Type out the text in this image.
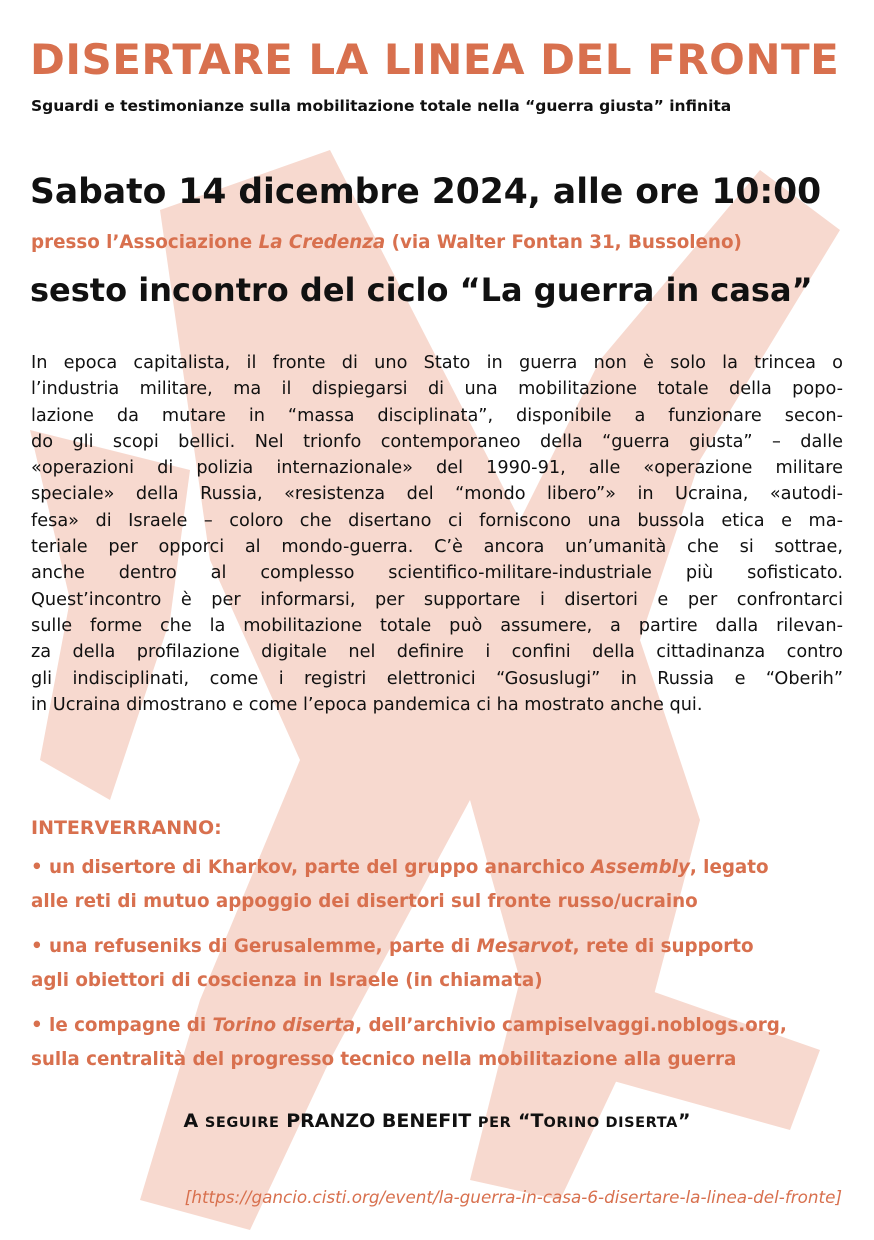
DISERTARE LA LINEA DEL FRONTE

Sguardi e testimonianze sulla mobilitazione totale nella “guerra giusta” infinita

Sabato 14 dicembre 2024, alle ore 10:00

presso l’Associazione La Credenza (via Walter Fontan 31, Bussoleno)

sesto incontro del ciclo “La guerra in casa”

In epoca capitalista, il fronte di uno Stato in guerra non è solo la trincea o
l’industria militare, ma il dispiegarsi di una mobilitazione totale della popo-
lazione da mutare in “massa disciplinata”, disponibile a funzionare secon-
do gli scopi bellici. Nel trionfo contemporaneo della “guerra giusta” – dalle
«operazioni di polizia internazionale» del 1990-91, alle «operazione militare
speciale» della Russia, «resistenza del “mondo libero”» in Ucraina, «autodi-
fesa» di Israele – coloro che disertano ci forniscono una bussola etica e ma-
teriale per opporci al mondo-guerra. C’è ancora un’umanità che si sottrae,
anche dentro al complesso scientifico-militare-industriale più sofisticato.
Quest’incontro è per informarsi, per supportare i disertori e per confrontarci
sulle forme che la mobilitazione totale può assumere, a partire dalla rilevan-
za della profilazione digitale nel definire i confini della cittadinanza contro
gli indisciplinati, come i registri elettronici “Gosuslugi” in Russia e “Oberih”
in Ucraina dimostrano e come l’epoca pandemica ci ha mostrato anche qui.

INTERVERRANNO:

• un disertore di Kharkov, parte del gruppo anarchico Assembly, legato
alle reti di mutuo appoggio dei disertori sul fronte russo/ucraino
• una refuseniks di Gerusalemme, parte di Mesarvot, rete di supporto
agli obiettori di coscienza in Israele (in chiamata)
• le compagne di Torino diserta, dell’archivio campiselvaggi.noblogs.org,
sulla centralità del progresso tecnico nella mobilitazione alla guerra

A SEGUIRE PRANZO BENEFIT PER “TORINO DISERTA”

[https://gancio.cisti.org/event/la-guerra-in-casa-6-disertare-la-linea-del-fronte]
